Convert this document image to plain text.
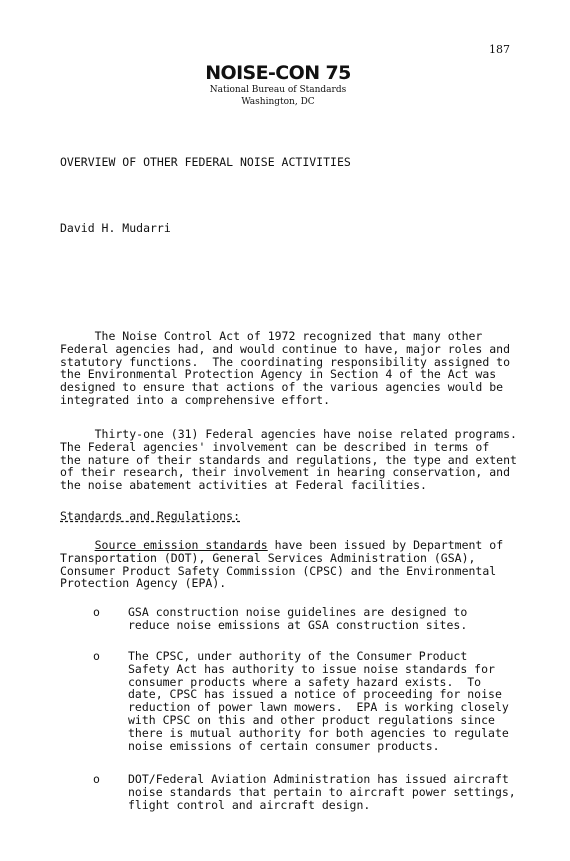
187
NOISE-CON 75
National Bureau of Standards
Washington, DC
OVERVIEW OF OTHER FEDERAL NOISE ACTIVITIES
David H. Mudarri
The Noise Control Act of 1972 recognized that many other
Federal agencies had, and would continue to have, major roles and
statutory functions.  The coordinating responsibility assigned to
the Environmental Protection Agency in Section 4 of the Act was
designed to ensure that actions of the various agencies would be
integrated into a comprehensive effort.
Thirty-one (31) Federal agencies have noise related programs.
The Federal agencies' involvement can be described in terms of
the nature of their standards and regulations, the type and extent
of their research, their involvement in hearing conservation, and
the noise abatement activities at Federal facilities.
Standards and Regulations:
Source emission standards have been issued by Department of
Transportation (DOT), General Services Administration (GSA),
Consumer Product Safety Commission (CPSC) and the Environmental
Protection Agency (EPA).
o GSA construction noise guidelines are designed to
reduce noise emissions at GSA construction sites.
o The CPSC, under authority of the Consumer Product
Safety Act has authority to issue noise standards for
consumer products where a safety hazard exists.  To
date, CPSC has issued a notice of proceeding for noise
reduction of power lawn mowers.  EPA is working closely
with CPSC on this and other product regulations since
there is mutual authority for both agencies to regulate
noise emissions of certain consumer products.
o DOT/Federal Aviation Administration has issued aircraft
noise standards that pertain to aircraft power settings,
flight control and aircraft design.
